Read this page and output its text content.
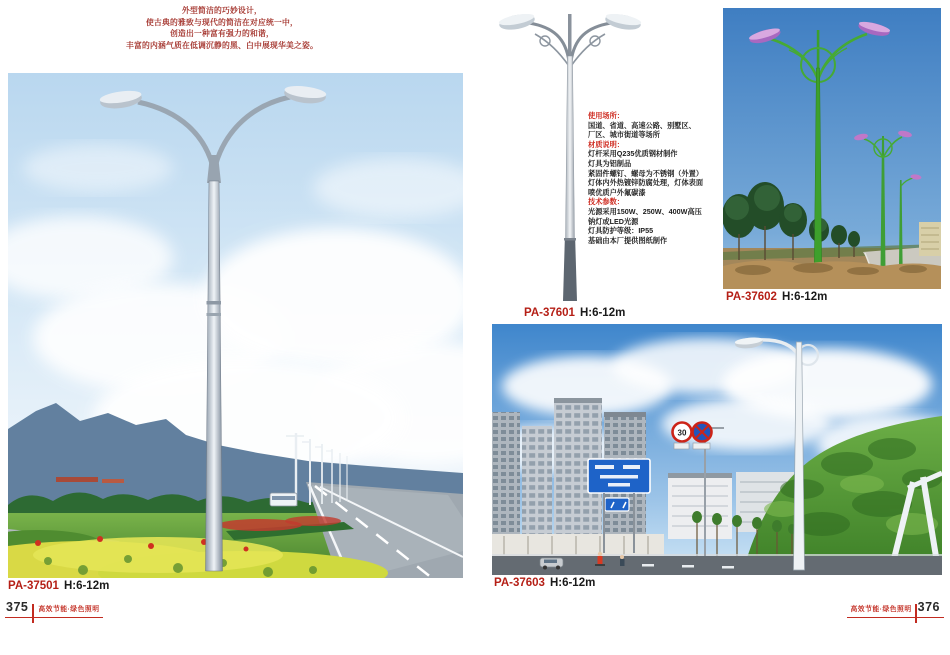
外型简洁的巧妙设计，
使古典的雅致与现代的简洁在对应统一中，
创造出一种富有强力的和谐，
丰富的内涵气质在低调沉静的黑、白中展现华美之姿。
PA-37501 H:6-12m
PA-37601 H:6-12m
使用场所：
国道、省道、高速公路、别墅区、
厂区、城市街道等场所
材质说明：
灯杆采用Q235优质钢材制作
灯具为铝制品
紧固件螺钉、螺母为不锈钢（外置）
灯体内外热镀锌防腐处理，灯体表面
喷优质户外氟碳漆
技术参数：
光源采用150W、250W、400W高压
钠灯或LED光源
灯具防护等级：IP55
基础由本厂提供图纸制作
PA-37602 H:6-12m
30
PA-37603 H:6-12m
375	高效节能·绿色照明	高效节能·绿色照明 376
